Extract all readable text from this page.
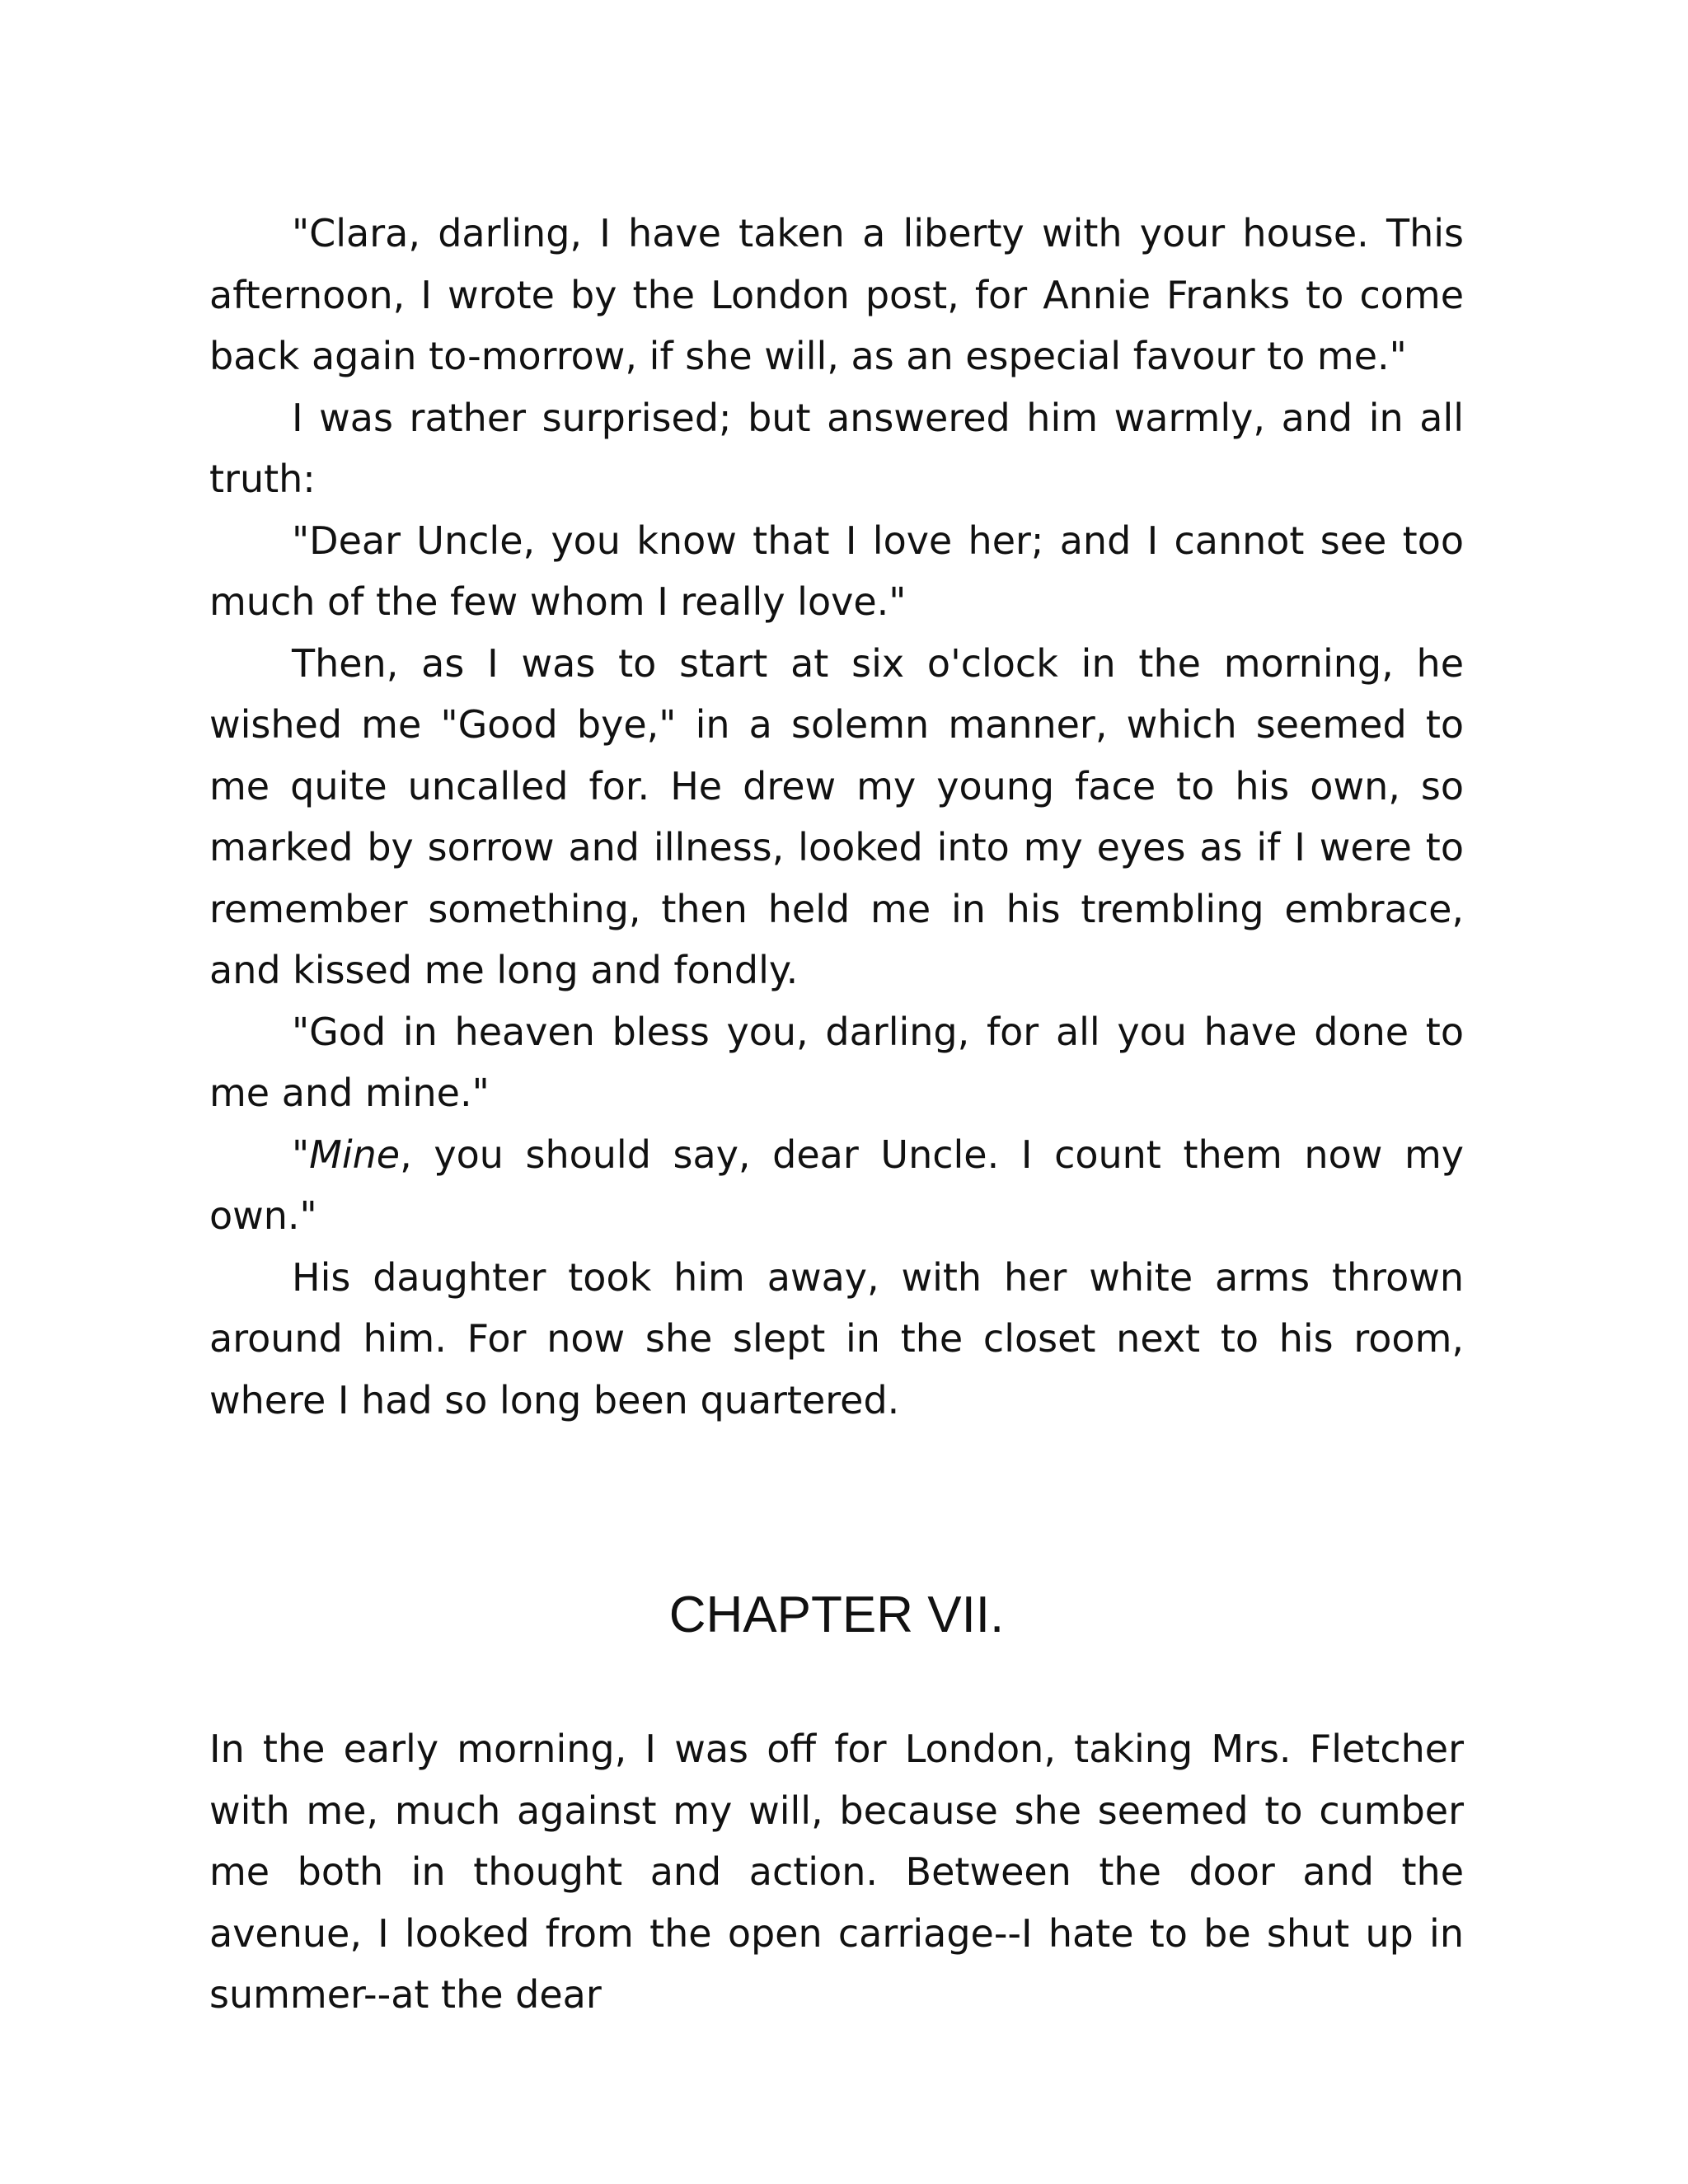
"Clara, darling, I have taken a liberty with your house. This afternoon, I wrote by the London post, for Annie Franks to come back again to-morrow, if she will, as an especial favour to me."

I was rather surprised; but answered him warmly, and in all truth:

"Dear Uncle, you know that I love her; and I cannot see too much of the few whom I really love."

Then, as I was to start at six o'clock in the morning, he wished me "Good bye," in a solemn manner, which seemed to me quite uncalled for. He drew my young face to his own, so marked by sorrow and illness, looked into my eyes as if I were to remember something, then held me in his trembling embrace, and kissed me long and fondly.

"God in heaven bless you, darling, for all you have done to me and mine."

"Mine, you should say, dear Uncle. I count them now my own."

His daughter took him away, with her white arms thrown around him. For now she slept in the closet next to his room, where I had so long been quartered.

CHAPTER VII.

In the early morning, I was off for London, taking Mrs. Fletcher with me, much against my will, because she seemed to cumber me both in thought and action. Between the door and the avenue, I looked from the open carriage--I hate to be shut up in summer--at the dear
